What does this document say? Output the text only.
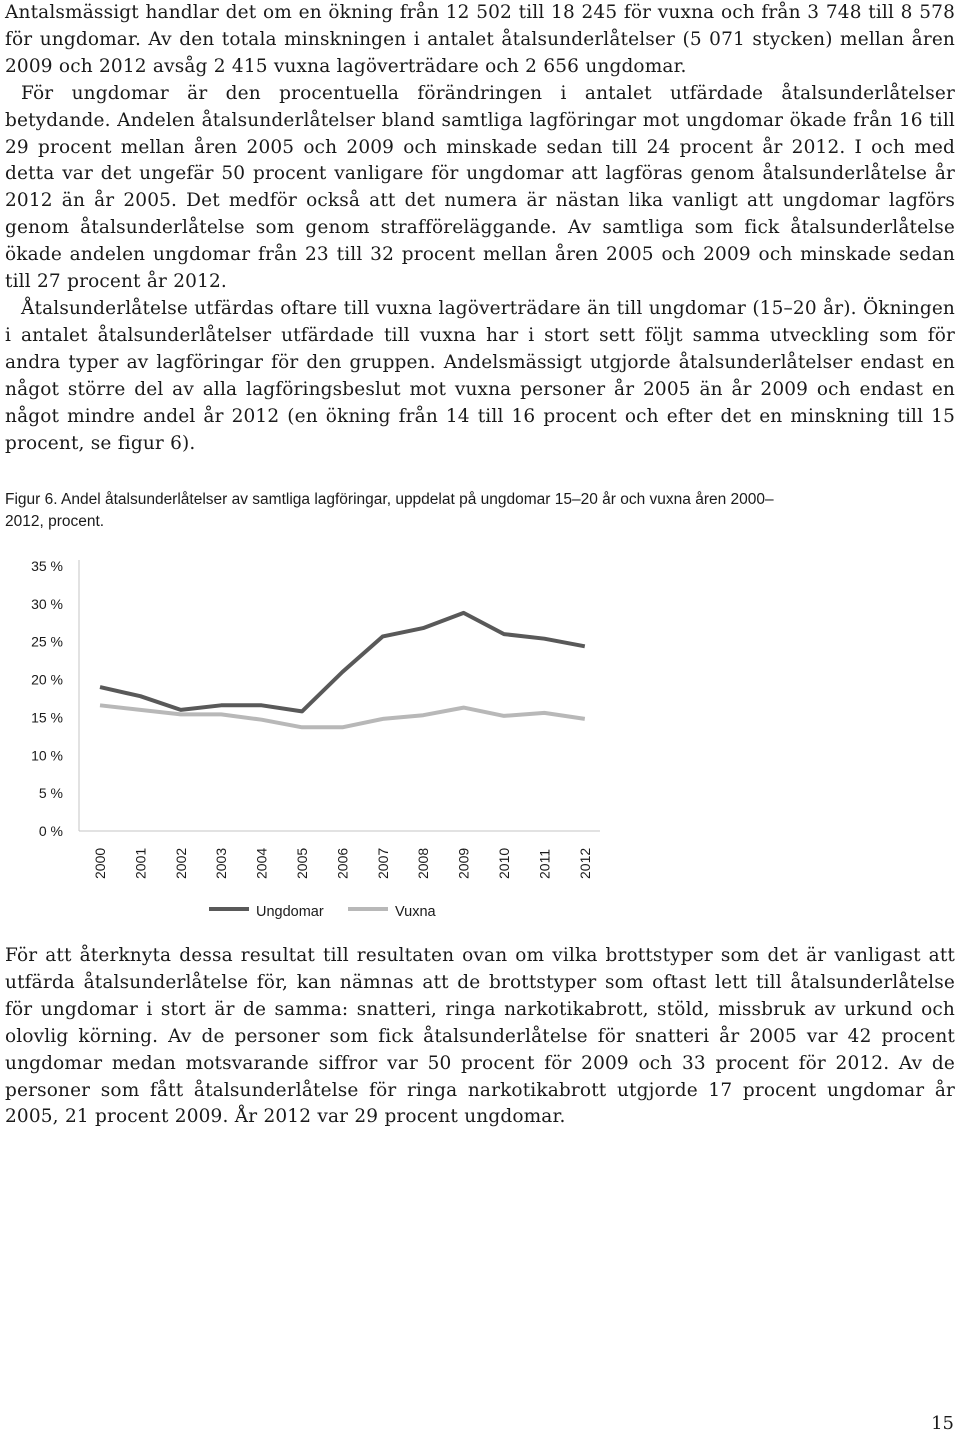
Antalsmässigt handlar det om en ökning från 12 502 till 18 245 för vuxna och från 3 748 till 8 578 för ungdomar. Av den totala minskningen i antalet åtalsunderlåtelser (5 071 stycken) mellan åren 2009 och 2012 avsåg 2 415 vuxna lagöverträdare och 2 656 ungdomar.

För ungdomar är den procentuella förändringen i antalet utfärdade åtalsunderlåtelser betydande. Andelen åtalsunderlåtelser bland samtliga lagföringar mot ungdomar ökade från 16 till 29 procent mellan åren 2005 och 2009 och minskade sedan till 24 procent år 2012. I och med detta var det ungefär 50 procent vanligare för ungdomar att lagföras genom åtalsunderlåtelse år 2012 än år 2005. Det medför också att det numera är nästan lika vanligt att ungdomar lagförs genom åtalsunderlåtelse som genom strafföreläggande. Av samtliga som fick åtalsunderlåtelse ökade andelen ungdomar från 23 till 32 procent mellan åren 2005 och 2009 och minskade sedan till 27 procent år 2012.

Åtalsunderlåtelse utfärdas oftare till vuxna lagöverträdare än till ungdomar (15–20 år). Ökningen i antalet åtalsunderlåtelser utfärdade till vuxna har i stort sett följt samma utveckling som för andra typer av lagföringar för den gruppen. Andelsmässigt utgjorde åtalsunderlåtelser endast en något större del av alla lagföringsbeslut mot vuxna personer år 2005 än år 2009 och endast en något mindre andel år 2012 (en ökning från 14 till 16 procent och efter det en minskning till 15 procent, se figur 6).

Figur 6. Andel åtalsunderlåtelser av samtliga lagföringar, uppdelat på ungdomar 15–20 år och vuxna åren 2000–2012, procent.
0 %
5 %
10 %
15 %
20 %
25 %
30 %
35 %
2000 2001 2002 2003 2004 2005 2006 2007 2008 2009 2010 2011 2012
Ungdomar	Vuxna

För att återknyta dessa resultat till resultaten ovan om vilka brottstyper som det är vanligast att utfärda åtalsunderlåtelse för, kan nämnas att de brottstyper som oftast lett till åtalsunderlåtelse för ungdomar i stort är de samma: snatteri, ringa narkotikabrott, stöld, missbruk av urkund och olovlig körning. Av de personer som fick åtalsunderlåtelse för snatteri år 2005 var 42 procent ungdomar medan motsvarande siffror var 50 procent för 2009 och 33 procent för 2012. Av de personer som fått åtalsunderlåtelse för ringa narkotikabrott utgjorde 17 procent ungdomar år 2005, 21 procent 2009. År 2012 var 29 procent ungdomar.

15
